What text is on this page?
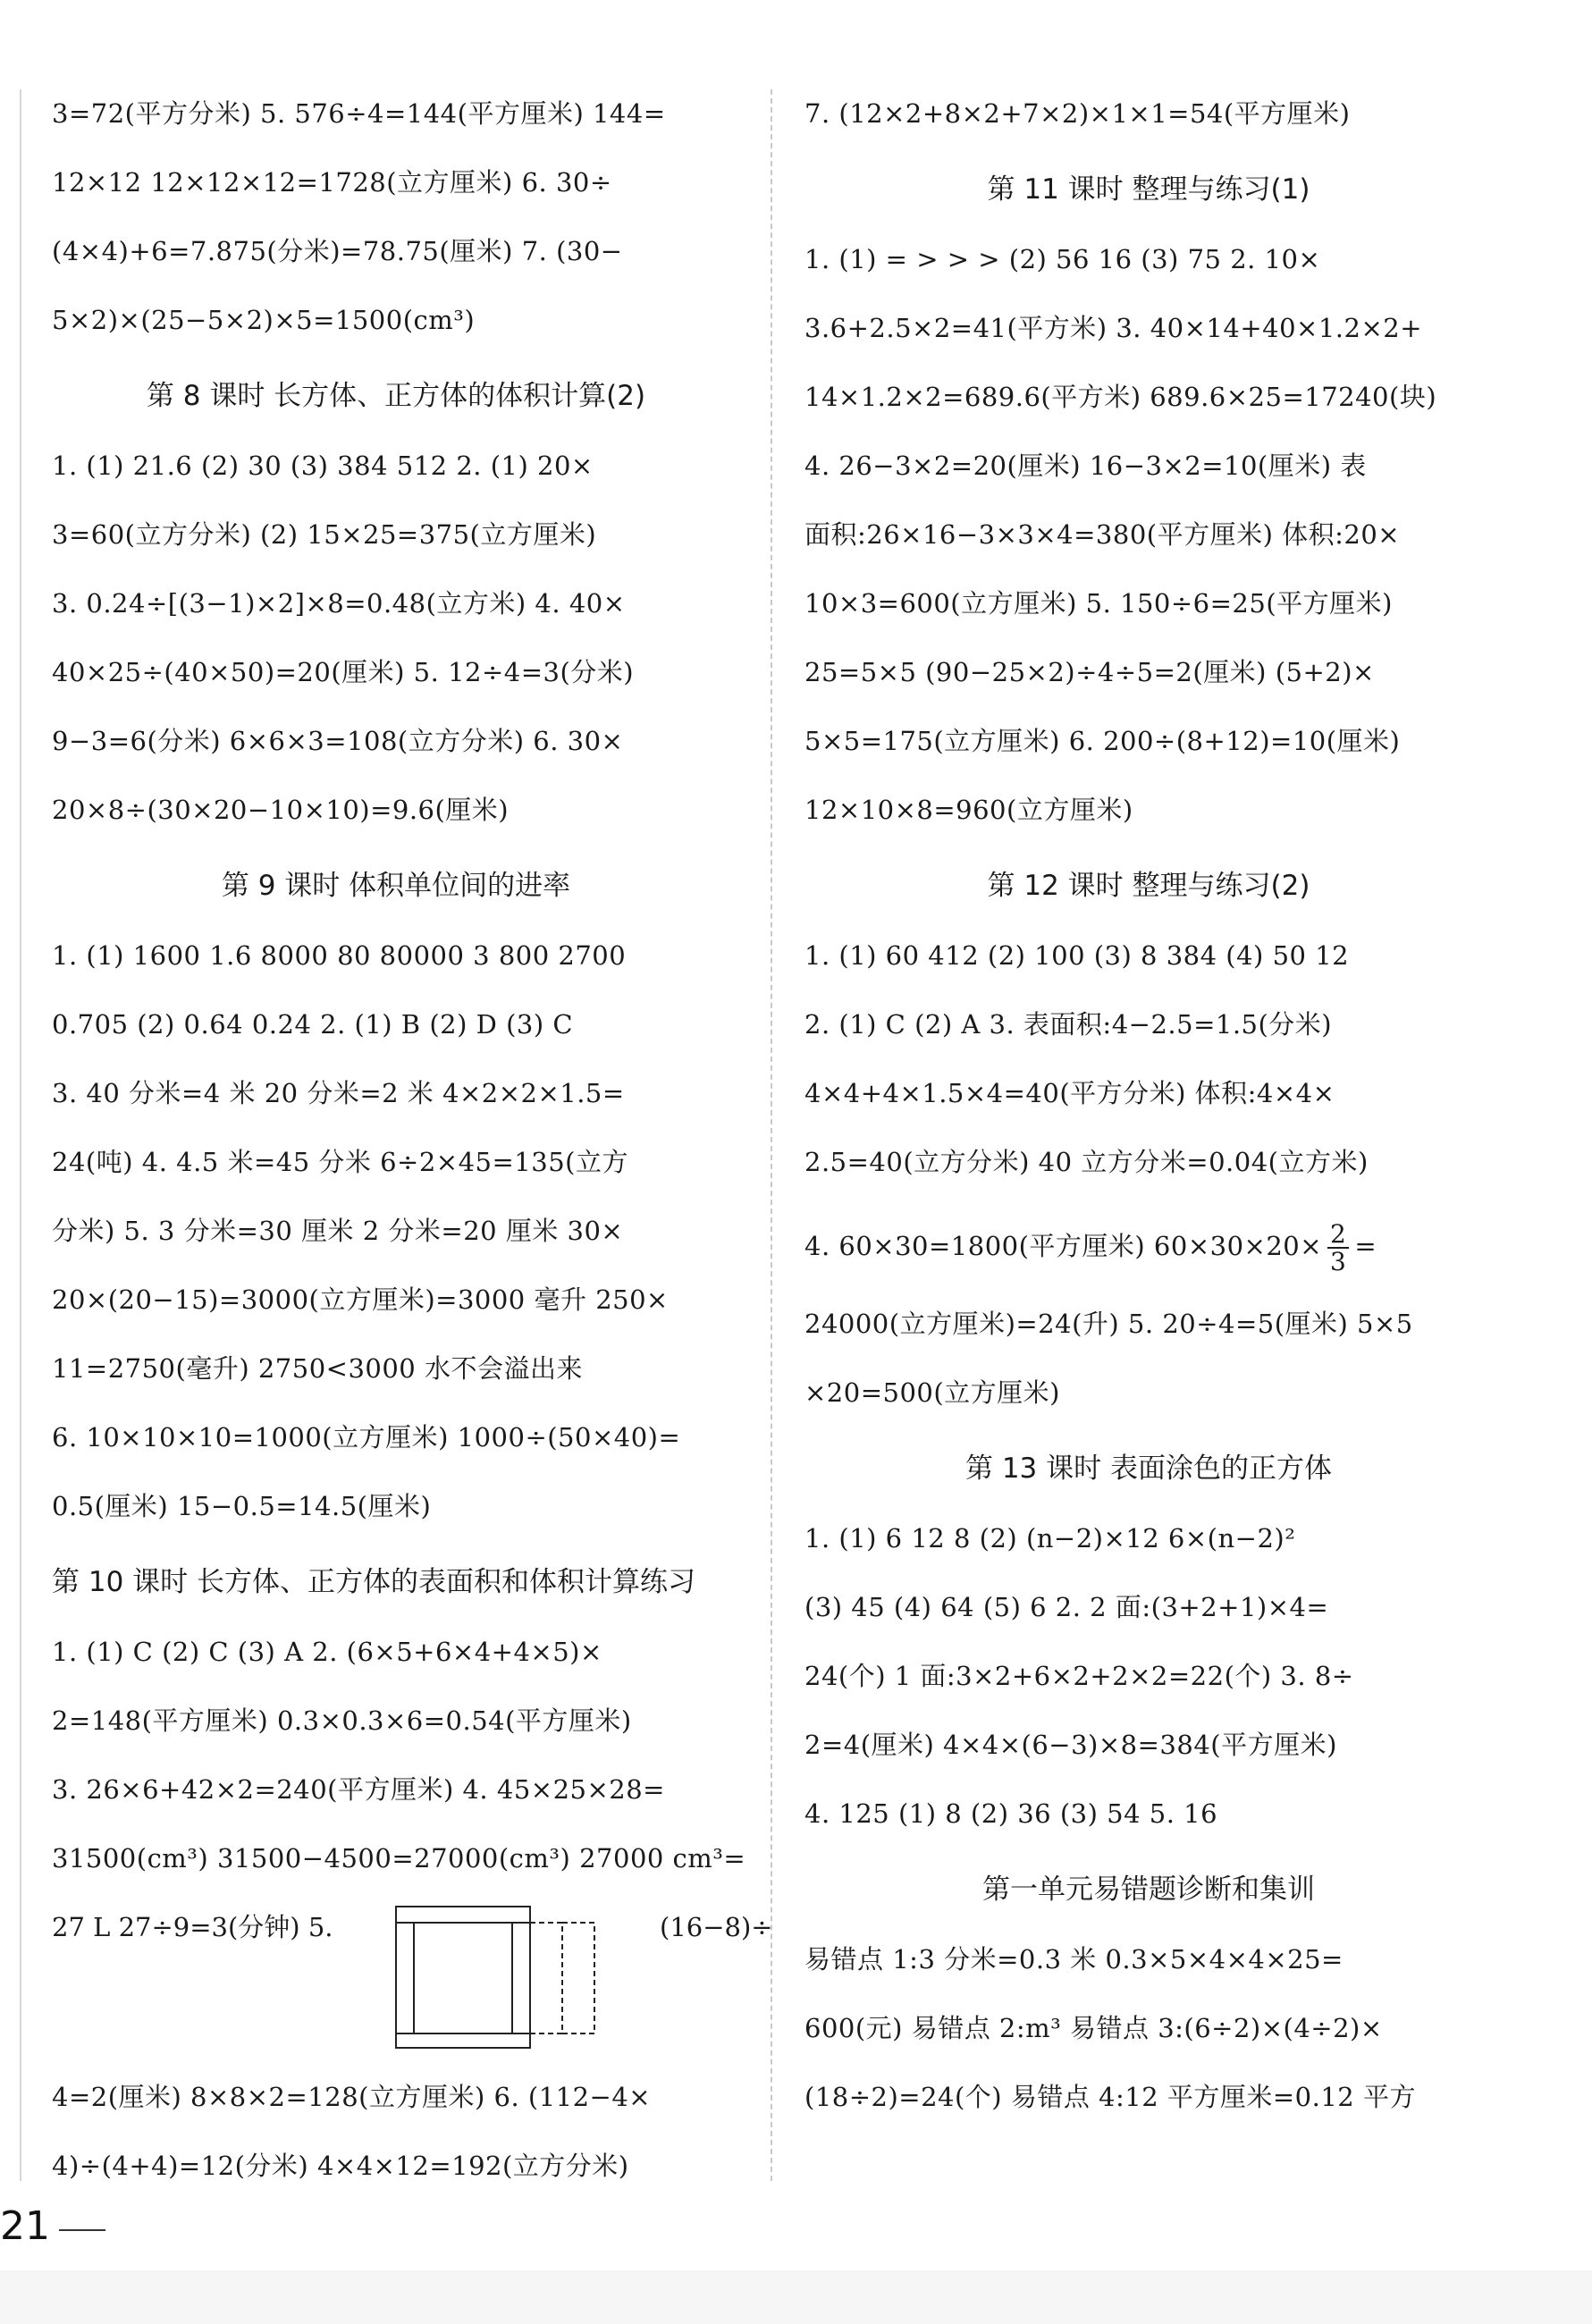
3=72(平方分米) 5. 576÷4=144(平方厘米) 144=
12×12 12×12×12=1728(立方厘米) 6. 30÷
(4×4)+6=7.875(分米)=78.75(厘米) 7. (30−
5×2)×(25−5×2)×5=1500(cm³)
第 8 课时 长方体、正方体的体积计算(2)
1. (1) 21.6 (2) 30 (3) 384 512 2. (1) 20×
3=60(立方分米) (2) 15×25=375(立方厘米)
3. 0.24÷[(3−1)×2]×8=0.48(立方米) 4. 40×
40×25÷(40×50)=20(厘米) 5. 12÷4=3(分米)
9−3=6(分米) 6×6×3=108(立方分米) 6. 30×
20×8÷(30×20−10×10)=9.6(厘米)
第 9 课时 体积单位间的进率
1. (1) 1600 1.6 8000 80 80000 3 800 2700
0.705 (2) 0.64 0.24 2. (1) B (2) D (3) C
3. 40 分米=4 米 20 分米=2 米 4×2×2×1.5=
24(吨) 4. 4.5 米=45 分米 6÷2×45=135(立方
分米) 5. 3 分米=30 厘米 2 分米=20 厘米 30×
20×(20−15)=3000(立方厘米)=3000 毫升 250×
11=2750(毫升) 2750<3000 水不会溢出来
6. 10×10×10=1000(立方厘米) 1000÷(50×40)=
0.5(厘米) 15−0.5=14.5(厘米)
第 10 课时 长方体、正方体的表面积和体积计算练习
1. (1) C (2) C (3) A 2. (6×5+6×4+4×5)×
2=148(平方厘米) 0.3×0.3×6=0.54(平方厘米)
3. 26×6+42×2=240(平方厘米) 4. 45×25×28=
31500(cm³) 31500−4500=27000(cm³) 27000 cm³=
27 L 27÷9=3(分钟) 5.	(16−8)÷
4=2(厘米) 8×8×2=128(立方厘米) 6. (112−4×
4)÷(4+4)=12(分米) 4×4×12=192(立方分米)
7. (12×2+8×2+7×2)×1×1=54(平方厘米)
第 11 课时 整理与练习(1)
1. (1) = > > > (2) 56 16 (3) 75 2. 10×
3.6+2.5×2=41(平方米) 3. 40×14+40×1.2×2+
14×1.2×2=689.6(平方米) 689.6×25=17240(块)
4. 26−3×2=20(厘米) 16−3×2=10(厘米) 表
面积:26×16−3×3×4=380(平方厘米) 体积:20×
10×3=600(立方厘米) 5. 150÷6=25(平方厘米)
25=5×5 (90−25×2)÷4÷5=2(厘米) (5+2)×
5×5=175(立方厘米) 6. 200÷(8+12)=10(厘米)
12×10×8=960(立方厘米)
第 12 课时 整理与练习(2)
1. (1) 60 412 (2) 100 (3) 8 384 (4) 50 12
2. (1) C (2) A 3. 表面积:4−2.5=1.5(分米)
4×4+4×1.5×4=40(平方分米) 体积:4×4×
2.5=40(立方分米) 40 立方分米=0.04(立方米)
4. 60×30=1800(平方厘米) $60\times 30\times 20\times \frac{2}{3}$ =
24000(立方厘米)=24(升) 5. 20÷4=5(厘米) 5×5
×20=500(立方厘米)
第 13 课时 表面涂色的正方体
1. (1) 6 12 8 (2) (n−2)×12 6×(n−2)²
(3) 45 (4) 64 (5) 6 2. 2 面:(3+2+1)×4=
24(个) 1 面:3×2+6×2+2×2=22(个) 3. 8÷
2=4(厘米) 4×4×(6−3)×8=384(平方厘米)
4. 125 (1) 8 (2) 36 (3) 54 5. 16
第一单元易错题诊断和集训
易错点 1:3 分米=0.3 米 0.3×5×4×4×25=
600(元) 易错点 2:m³ 易错点 3:(6÷2)×(4÷2)×
(18÷2)=24(个) 易错点 4:12 平方厘米=0.12 平方
21
